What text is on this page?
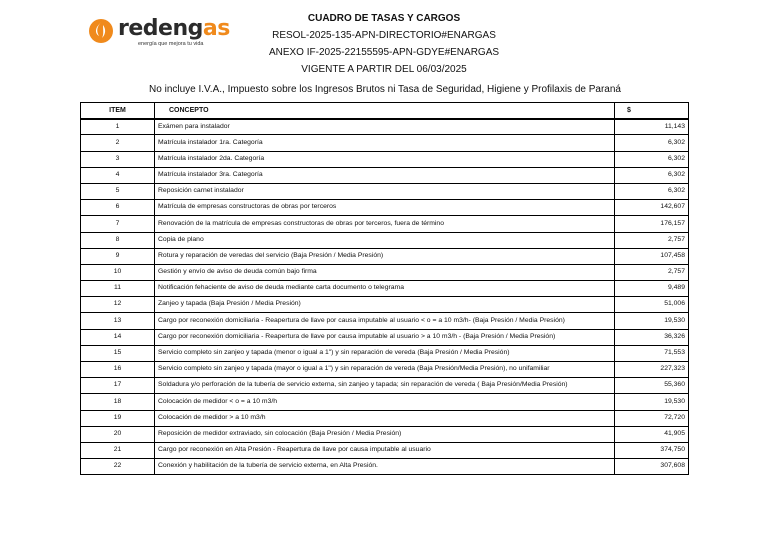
redengas
energía que mejora tu vida
CUADRO DE TASAS Y CARGOS
RESOL-2025-135-APN-DIRECTORIO#ENARGAS
ANEXO IF-2025-22155595-APN-GDYE#ENARGAS
VIGENTE A PARTIR DEL 06/03/2025
No incluye I.V.A., Impuesto sobre los Ingresos Brutos ni Tasa de Seguridad, Higiene y Profilaxis de Paraná
ITEM	CONCEPTO	$
1	Exámen para instalador	11,143
2	Matrícula instalador 1ra. Categoría	6,302
3	Matrícula instalador 2da. Categoría	6,302
4	Matrícula instalador 3ra. Categoría	6,302
5	Reposición carnet instalador	6,302
6	Matrícula de empresas constructoras de obras por terceros	142,607
7	Renovación de la matrícula de empresas constructoras de obras por terceros, fuera de término	176,157
8	Copia de plano	2,757
9	Rotura y reparación de veredas del servicio (Baja Presión / Media Presión)	107,458
10	Gestión y envío de aviso de deuda común bajo firma	2,757
11	Notificación fehaciente de aviso de deuda mediante carta documento o telegrama	9,489
12	Zanjeo y tapada (Baja Presión / Media Presión)	51,006
13	Cargo por reconexión domiciliaria - Reapertura de llave por causa imputable al usuario < o = a 10 m3/h- (Baja Presión / Media Presión)	19,530
14	Cargo por reconexión domiciliaria - Reapertura de llave por causa imputable al usuario > a 10 m3/h - (Baja Presión / Media Presión)	36,326
15	Servicio completo sin zanjeo y tapada (menor o igual a 1") y sin reparación de vereda (Baja Presión / Media Presión)	71,553
16	Servicio completo sin zanjeo y tapada (mayor o igual a 1") y sin reparación de vereda (Baja Presión/Media Presión), no unifamiliar	227,323
17	Soldadura y/o perforación de la tubería de servicio externa, sin zanjeo y tapada; sin reparación de vereda ( Baja Presión/Media Presión)	55,360
18	Colocación de medidor < o = a 10 m3/h	19,530
19	Colocación de medidor > a 10 m3/h	72,720
20	Reposición de medidor extraviado, sin colocación (Baja Presión / Media Presión)	41,905
21	Cargo por reconexión en Alta Presión - Reapertura de llave por causa imputable al usuario	374,750
22	Conexión y habilitación de la tubería de servicio externa, en Alta Presión.	307,608
